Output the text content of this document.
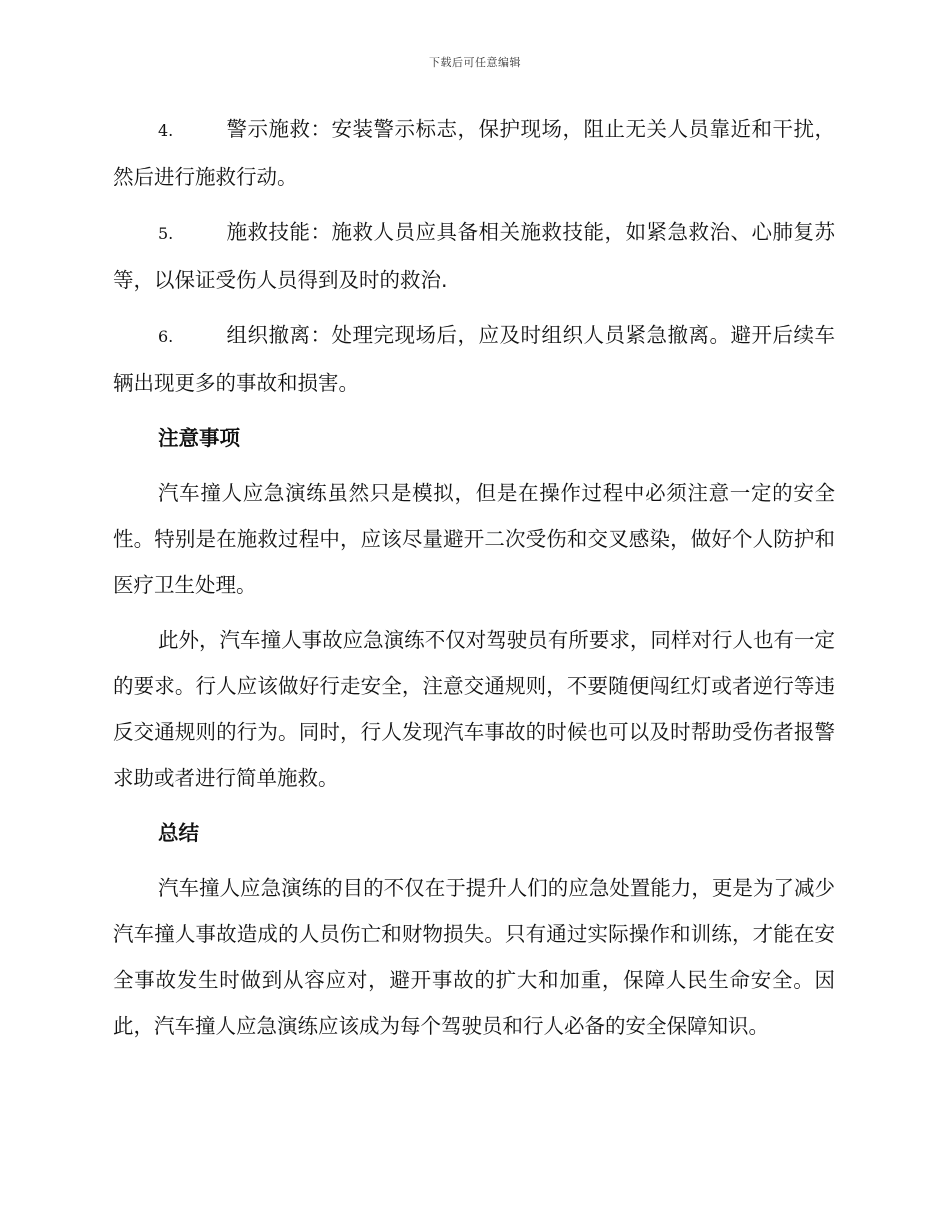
下载后可任意编辑

4.	警示施救：安装警示标志，保护现场，阻止无关人员靠近和干扰，然后进行施救行动。

5.	施救技能：施救人员应具备相关施救技能，如紧急救治、心肺复苏等，以保证受伤人员得到及时的救治.

6.	组织撤离：处理完现场后，应及时组织人员紧急撤离。避开后续车辆出现更多的事故和损害。

注意事项

汽车撞人应急演练虽然只是模拟，但是在操作过程中必须注意一定的安全性。特别是在施救过程中，应该尽量避开二次受伤和交叉感染，做好个人防护和医疗卫生处理。

此外，汽车撞人事故应急演练不仅对驾驶员有所要求，同样对行人也有一定的要求。行人应该做好行走安全，注意交通规则，不要随便闯红灯或者逆行等违反交通规则的行为。同时，行人发现汽车事故的时候也可以及时帮助受伤者报警求助或者进行简单施救。

总结

汽车撞人应急演练的目的不仅在于提升人们的应急处置能力，更是为了减少汽车撞人事故造成的人员伤亡和财物损失。只有通过实际操作和训练，才能在安全事故发生时做到从容应对，避开事故的扩大和加重，保障人民生命安全。因此，汽车撞人应急演练应该成为每个驾驶员和行人必备的安全保障知识。
